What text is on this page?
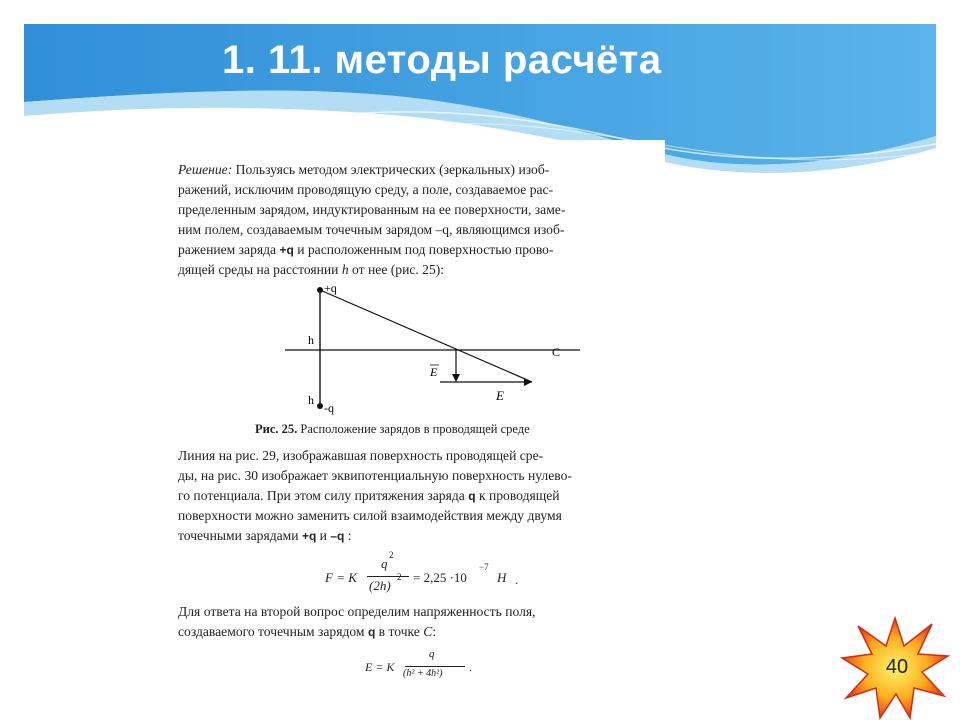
1. 11. методы расчёта

Решение: Пользуясь методом электрических (зеркальных) изоб-

ражений, исключим проводящую среду, а поле, создаваемое рас-

пределенным зарядом, индуктированным на ее поверхности, заме-

ним полем, создаваемым точечным зарядом –q, являющимся изоб-

ражением заряда +q и расположенным под поверхностью прово-

дящей среды на расстоянии h от нее (рис. 25):

+q
-q
h
h
C
E
E
Рис. 25. Расположение зарядов в проводящей среде

Линия на рис. 29, изображавшая поверхность проводящей сре-

ды, на рис. 30 изображает эквипотенциальную поверхность нулево-

го потенциала. При этом силу притяжения заряда q к проводящей

поверхности можно заменить силой взаимодействия между двумя

точечными зарядами +q и –q :

F = K
q
2
(2h)
2 = 2,25 ·10
−7
H .

Для ответа на второй вопрос определим напряженность поля,

создаваемого точечным зарядом q в точке C:

E = K
q
(h² + 4h²) .	40
